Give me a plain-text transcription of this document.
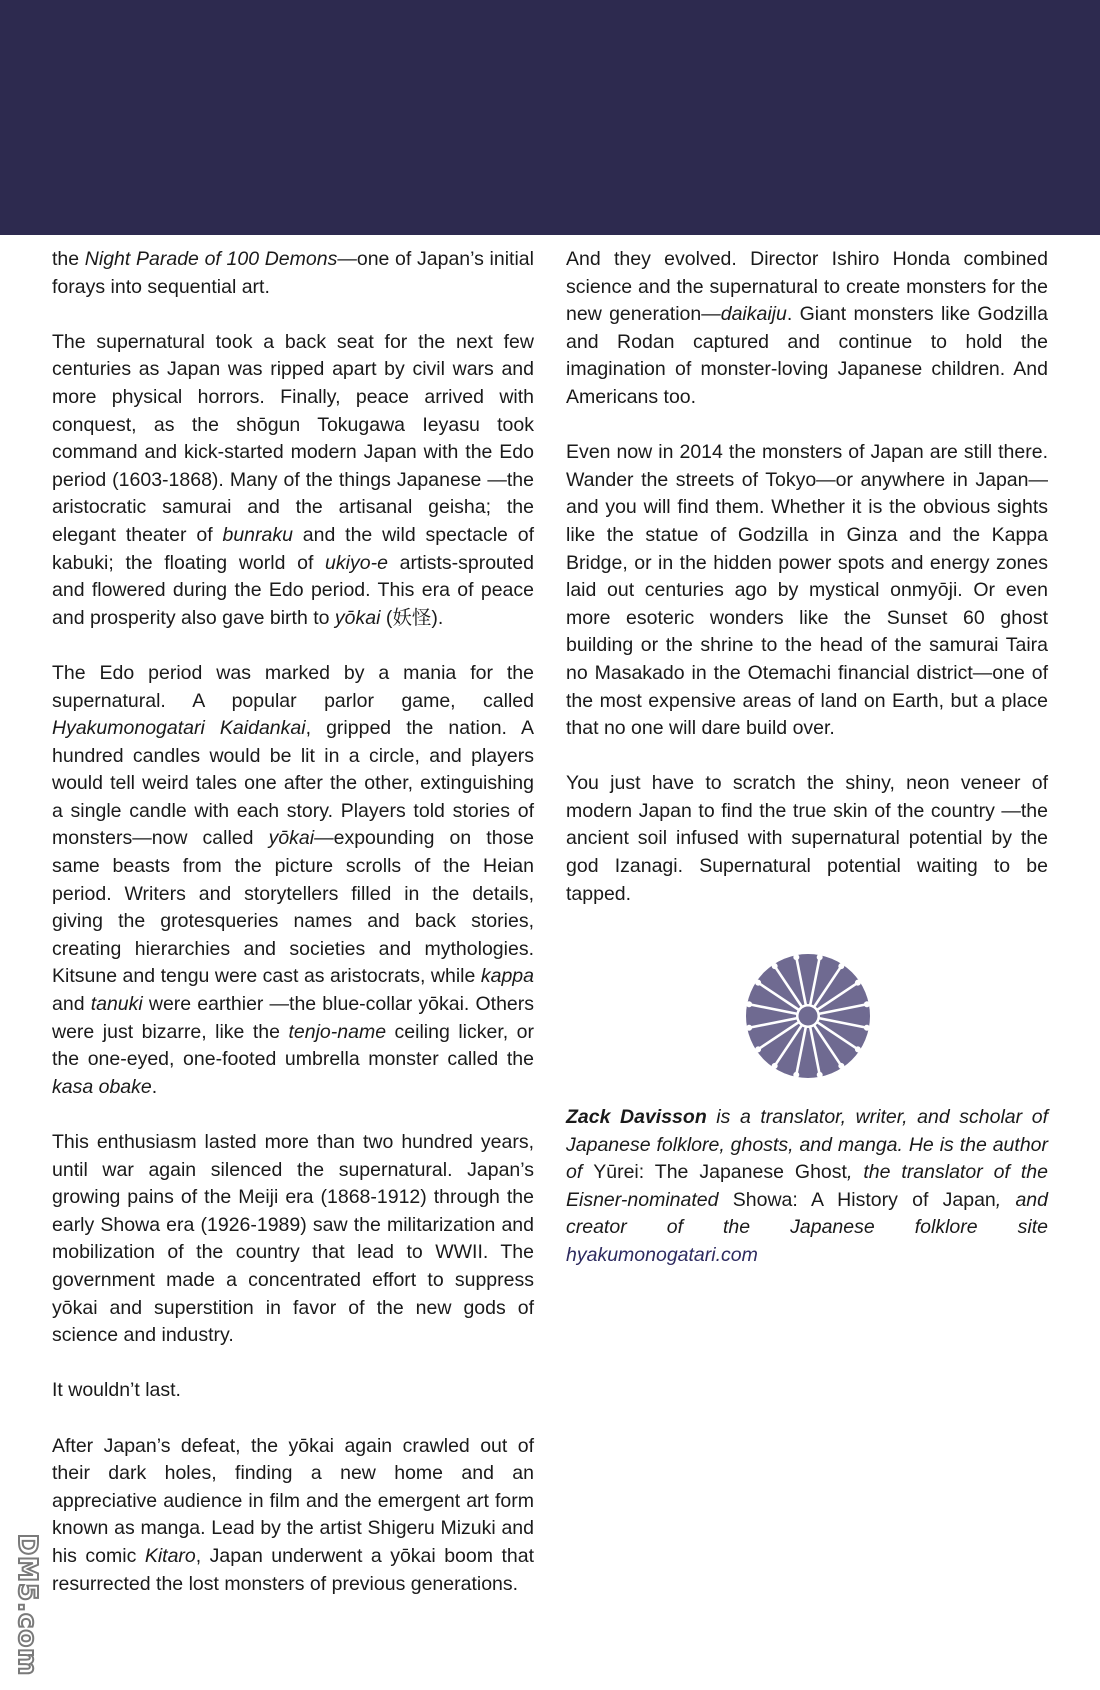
the Night Parade of 100 Demons—one of Japan’s initial forays into sequential art.

The supernatural took a back seat for the next few centuries as Japan was ripped apart by civil wars and more physical horrors. Finally, peace arrived with conquest, as the shōgun Tokugawa Ieyasu took command and kick-started modern Japan with the Edo period (1603-1868). Many of the things Japanese —the aristocratic samurai and the artisanal geisha; the elegant theater of bunraku and the wild spectacle of kabuki; the floating world of ukiyo-e artists-sprouted and flowered during the Edo period. This era of peace and prosperity also gave birth to yōkai (妖怪).

The Edo period was marked by a mania for the supernatural. A popular parlor game, called Hyakumonogatari Kaidankai, gripped the nation. A hundred candles would be lit in a circle, and players would tell weird tales one after the other, extinguishing a single candle with each story. Players told stories of monsters—now called yōkai—expounding on those same beasts from the picture scrolls of the Heian period. Writers and storytellers filled in the details, giving the grotesqueries names and back stories, creating hierarchies and societies and mythologies. Kitsune and tengu were cast as aristocrats, while kappa and tanuki were earthier —the blue-collar yōkai. Others were just bizarre, like the tenjo-name ceiling licker, or the one-eyed, one-footed umbrella monster called the kasa obake.

This enthusiasm lasted more than two hundred years, until war again silenced the supernatural. Japan’s growing pains of the Meiji era (1868-1912) through the early Showa era (1926-1989) saw the militarization and mobilization of the country that lead to WWII. The government made a concentrated effort to suppress yōkai and superstition in favor of the new gods of science and industry.

It wouldn’t last.

After Japan’s defeat, the yōkai again crawled out of their dark holes, finding a new home and an appreciative audience in film and the emergent art form known as manga. Lead by the artist Shigeru Mizuki and his comic Kitaro, Japan underwent a yōkai boom that resurrected the lost monsters of previous generations.

And they evolved. Director Ishiro Honda combined science and the supernatural to create monsters for the new generation—daikaiju. Giant monsters like Godzilla and Rodan captured and continue to hold the imagination of monster-loving Japanese children. And Americans too.

Even now in 2014 the monsters of Japan are still there. Wander the streets of Tokyo—or anywhere in Japan—and you will find them. Whether it is the obvious sights like the statue of Godzilla in Ginza and the Kappa Bridge, or in the hidden power spots and energy zones laid out centuries ago by mystical onmyōji. Or even more esoteric wonders like the Sunset 60 ghost building or the shrine to the head of the samurai Taira no Masakado in the Otemachi financial district—one of the most expensive areas of land on Earth, but a place that no one will dare build over.

You just have to scratch the shiny, neon veneer of modern Japan to find the true skin of the country —the ancient soil infused with supernatural potential by the god Izanagi. Supernatural potential waiting to be tapped.

Zack Davisson is a translator, writer, and scholar of Japanese folklore, ghosts, and manga. He is the author of Yūrei: The Japanese Ghost, the translator of the Eisner-nominated Showa: A History of Japan, and creator of the Japanese folklore site hyakumonogatari.com
DM5.com
